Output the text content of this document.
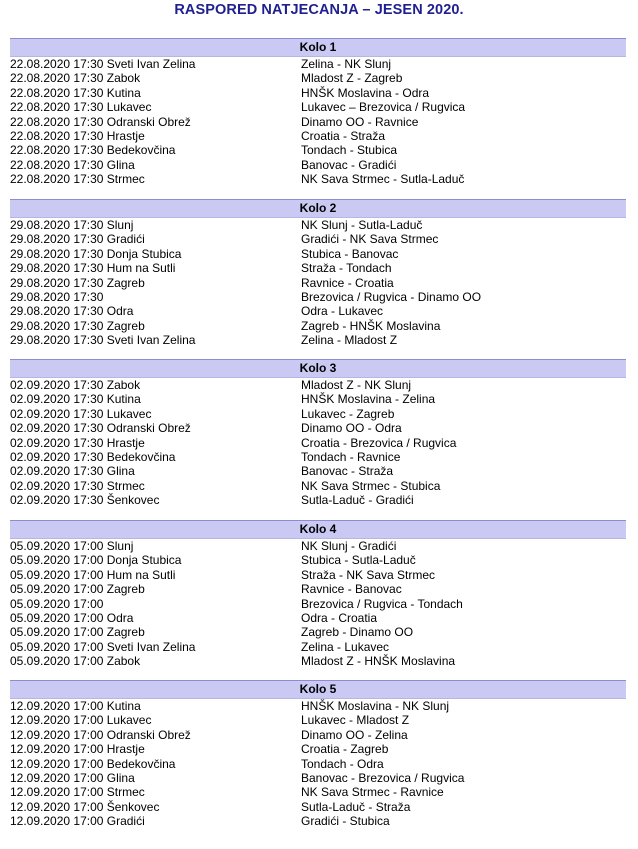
RASPORED NATJECANJA – JESEN 2020.
Kolo 1
22.08.2020 17:30 Sveti Ivan Zelina	Zelina - NK Slunj
22.08.2020 17:30 Zabok	Mladost Z - Zagreb
22.08.2020 17:30 Kutina	HNŠK Moslavina - Odra
22.08.2020 17:30 Lukavec	Lukavec – Brezovica / Rugvica
22.08.2020 17:30 Odranski Obrež	Dinamo OO - Ravnice
22.08.2020 17:30 Hrastje	Croatia - Straža
22.08.2020 17:30 Bedekovčina	Tondach - Stubica
22.08.2020 17:30 Glina	Banovac - Gradići
22.08.2020 17:30 Strmec	NK Sava Strmec - Sutla-Laduč
Kolo 2
29.08.2020 17:30 Slunj	NK Slunj - Sutla-Laduč
29.08.2020 17:30 Gradići	Gradići - NK Sava Strmec
29.08.2020 17:30 Donja Stubica	Stubica - Banovac
29.08.2020 17:30 Hum na Sutli	Straža - Tondach
29.08.2020 17:30 Zagreb	Ravnice - Croatia
29.08.2020 17:30	Brezovica / Rugvica - Dinamo OO
29.08.2020 17:30 Odra	Odra - Lukavec
29.08.2020 17:30 Zagreb	Zagreb - HNŠK Moslavina
29.08.2020 17:30 Sveti Ivan Zelina	Zelina - Mladost Z
Kolo 3
02.09.2020 17:30 Zabok	Mladost Z - NK Slunj
02.09.2020 17:30 Kutina	HNŠK Moslavina - Zelina
02.09.2020 17:30 Lukavec	Lukavec - Zagreb
02.09.2020 17:30 Odranski Obrež	Dinamo OO - Odra
02.09.2020 17:30 Hrastje	Croatia - Brezovica / Rugvica
02.09.2020 17:30 Bedekovčina	Tondach - Ravnice
02.09.2020 17:30 Glina	Banovac - Straža
02.09.2020 17:30 Strmec	NK Sava Strmec - Stubica
02.09.2020 17:30 Šenkovec	Sutla-Laduč - Gradići
Kolo 4
05.09.2020 17:00 Slunj	NK Slunj - Gradići
05.09.2020 17:00 Donja Stubica	Stubica - Sutla-Laduč
05.09.2020 17:00 Hum na Sutli	Straža - NK Sava Strmec
05.09.2020 17:00 Zagreb	Ravnice - Banovac
05.09.2020 17:00	Brezovica / Rugvica - Tondach
05.09.2020 17:00 Odra	Odra - Croatia
05.09.2020 17:00 Zagreb	Zagreb - Dinamo OO
05.09.2020 17:00 Sveti Ivan Zelina	Zelina - Lukavec
05.09.2020 17:00 Zabok	Mladost Z - HNŠK Moslavina
Kolo 5
12.09.2020 17:00 Kutina	HNŠK Moslavina - NK Slunj
12.09.2020 17:00 Lukavec	Lukavec - Mladost Z
12.09.2020 17:00 Odranski Obrež	Dinamo OO - Zelina
12.09.2020 17:00 Hrastje	Croatia - Zagreb
12.09.2020 17:00 Bedekovčina	Tondach - Odra
12.09.2020 17:00 Glina	Banovac - Brezovica / Rugvica
12.09.2020 17:00 Strmec	NK Sava Strmec - Ravnice
12.09.2020 17:00 Šenkovec	Sutla-Laduč - Straža
12.09.2020 17:00 Gradići	Gradići - Stubica
